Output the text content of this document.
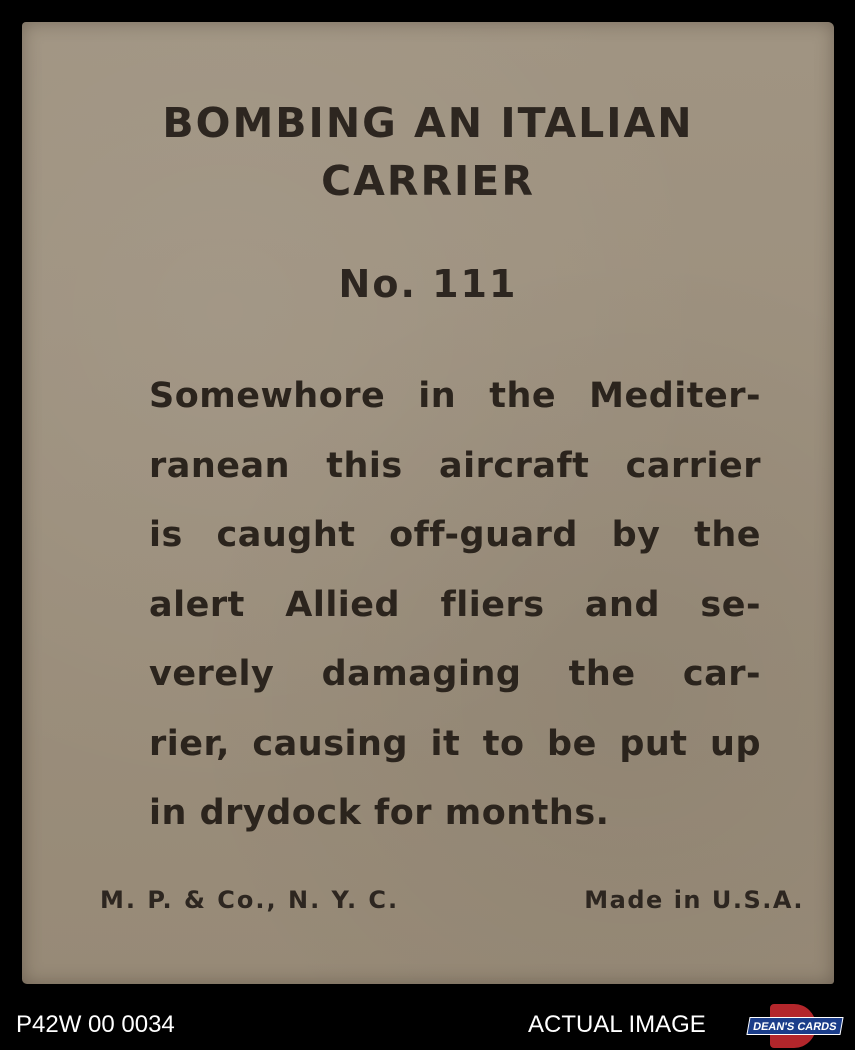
BOMBING AN ITALIAN
CARRIER
No. 111
Somewhore in the Mediter-
ranean this aircraft carrier
is caught off-guard by the
alert Allied fliers and se-
verely damaging the car-
rier, causing it to be put up
in drydock for months.
M. P. & Co., N. Y. C.	Made in U.S.A.
P42W 00 0034	ACTUAL IMAGE	DEAN'S CARDS
